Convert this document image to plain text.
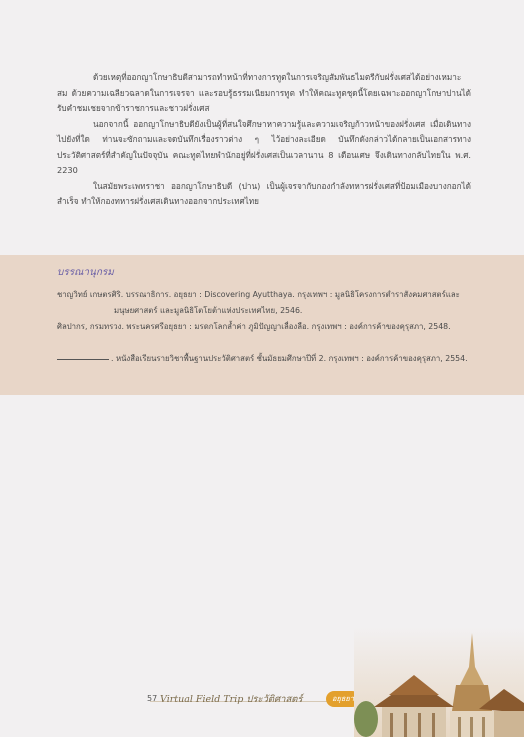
ด้วยเหตุที่ออกญาโกษาธิบดีสามารถทำหน้าที่ทางการทูตในการเจริญสัมพันธไมตรีกับฝรั่งเศสได้อย่างเหมาะสม ด้วยความเฉลียวฉลาดในการเจรจา และรอบรู้ธรรมเนียมการทูต ทำให้คณะทูตชุดนี้โดยเฉพาะออกญาโกษาปานได้รับคำชมเชยจากข้าราชการและชาวฝรั่งเศส

นอกจากนี้ ออกญาโกษาธิบดียังเป็นผู้ที่สนใจศึกษาหาความรู้และความเจริญก้าวหน้าของฝรั่งเศส เมื่อเดินทางไปยังที่ใด ท่านจะซักถามและจดบันทึกเรื่องราวต่าง ๆ ไว้อย่างละเอียด บันทึกดังกล่าวได้กลายเป็นเอกสารทางประวัติศาสตร์ที่สำคัญในปัจจุบัน คณะทูตไทยพำนักอยู่ที่ฝรั่งเศสเป็นเวลานาน 8 เดือนเศษ จึงเดินทางกลับไทยใน พ.ศ. 2230

ในสมัยพระเพทราชา ออกญาโกษาธิบดี (ปาน) เป็นผู้เจรจากับกองกำลังทหารฝรั่งเศสที่ป้อมเมืองบางกอกได้สำเร็จ ทำให้กองทหารฝรั่งเศสเดินทางออกจากประเทศไทย

บรรณานุกรม
ชาญวิทย์ เกษตรศิริ. บรรณาธิการ. อยุธยา : Discovering Ayutthaya. กรุงเทพฯ : มูลนิธิโครงการตำราสังคมศาสตร์และมนุษยศาสตร์ และมูลนิธิโตโยต้าแห่งประเทศไทย, 2546.
ศิลปากร, กรมทรวง. พระนครศรีอยุธยา : มรดกโลกล้ำค่า ภูมิปัญญาเลื่องลือ. กรุงเทพฯ : องค์การค้าของคุรุสภา, 2548.
. หนังสือเรียนรายวิชาพื้นฐานประวัติศาสตร์ ชั้นมัธยมศึกษาปีที่ 2. กรุงเทพฯ : องค์การค้าของคุรุสภา, 2554.
57 Virtual Field Trip ประวัติศาสตร์	อยุธยา
